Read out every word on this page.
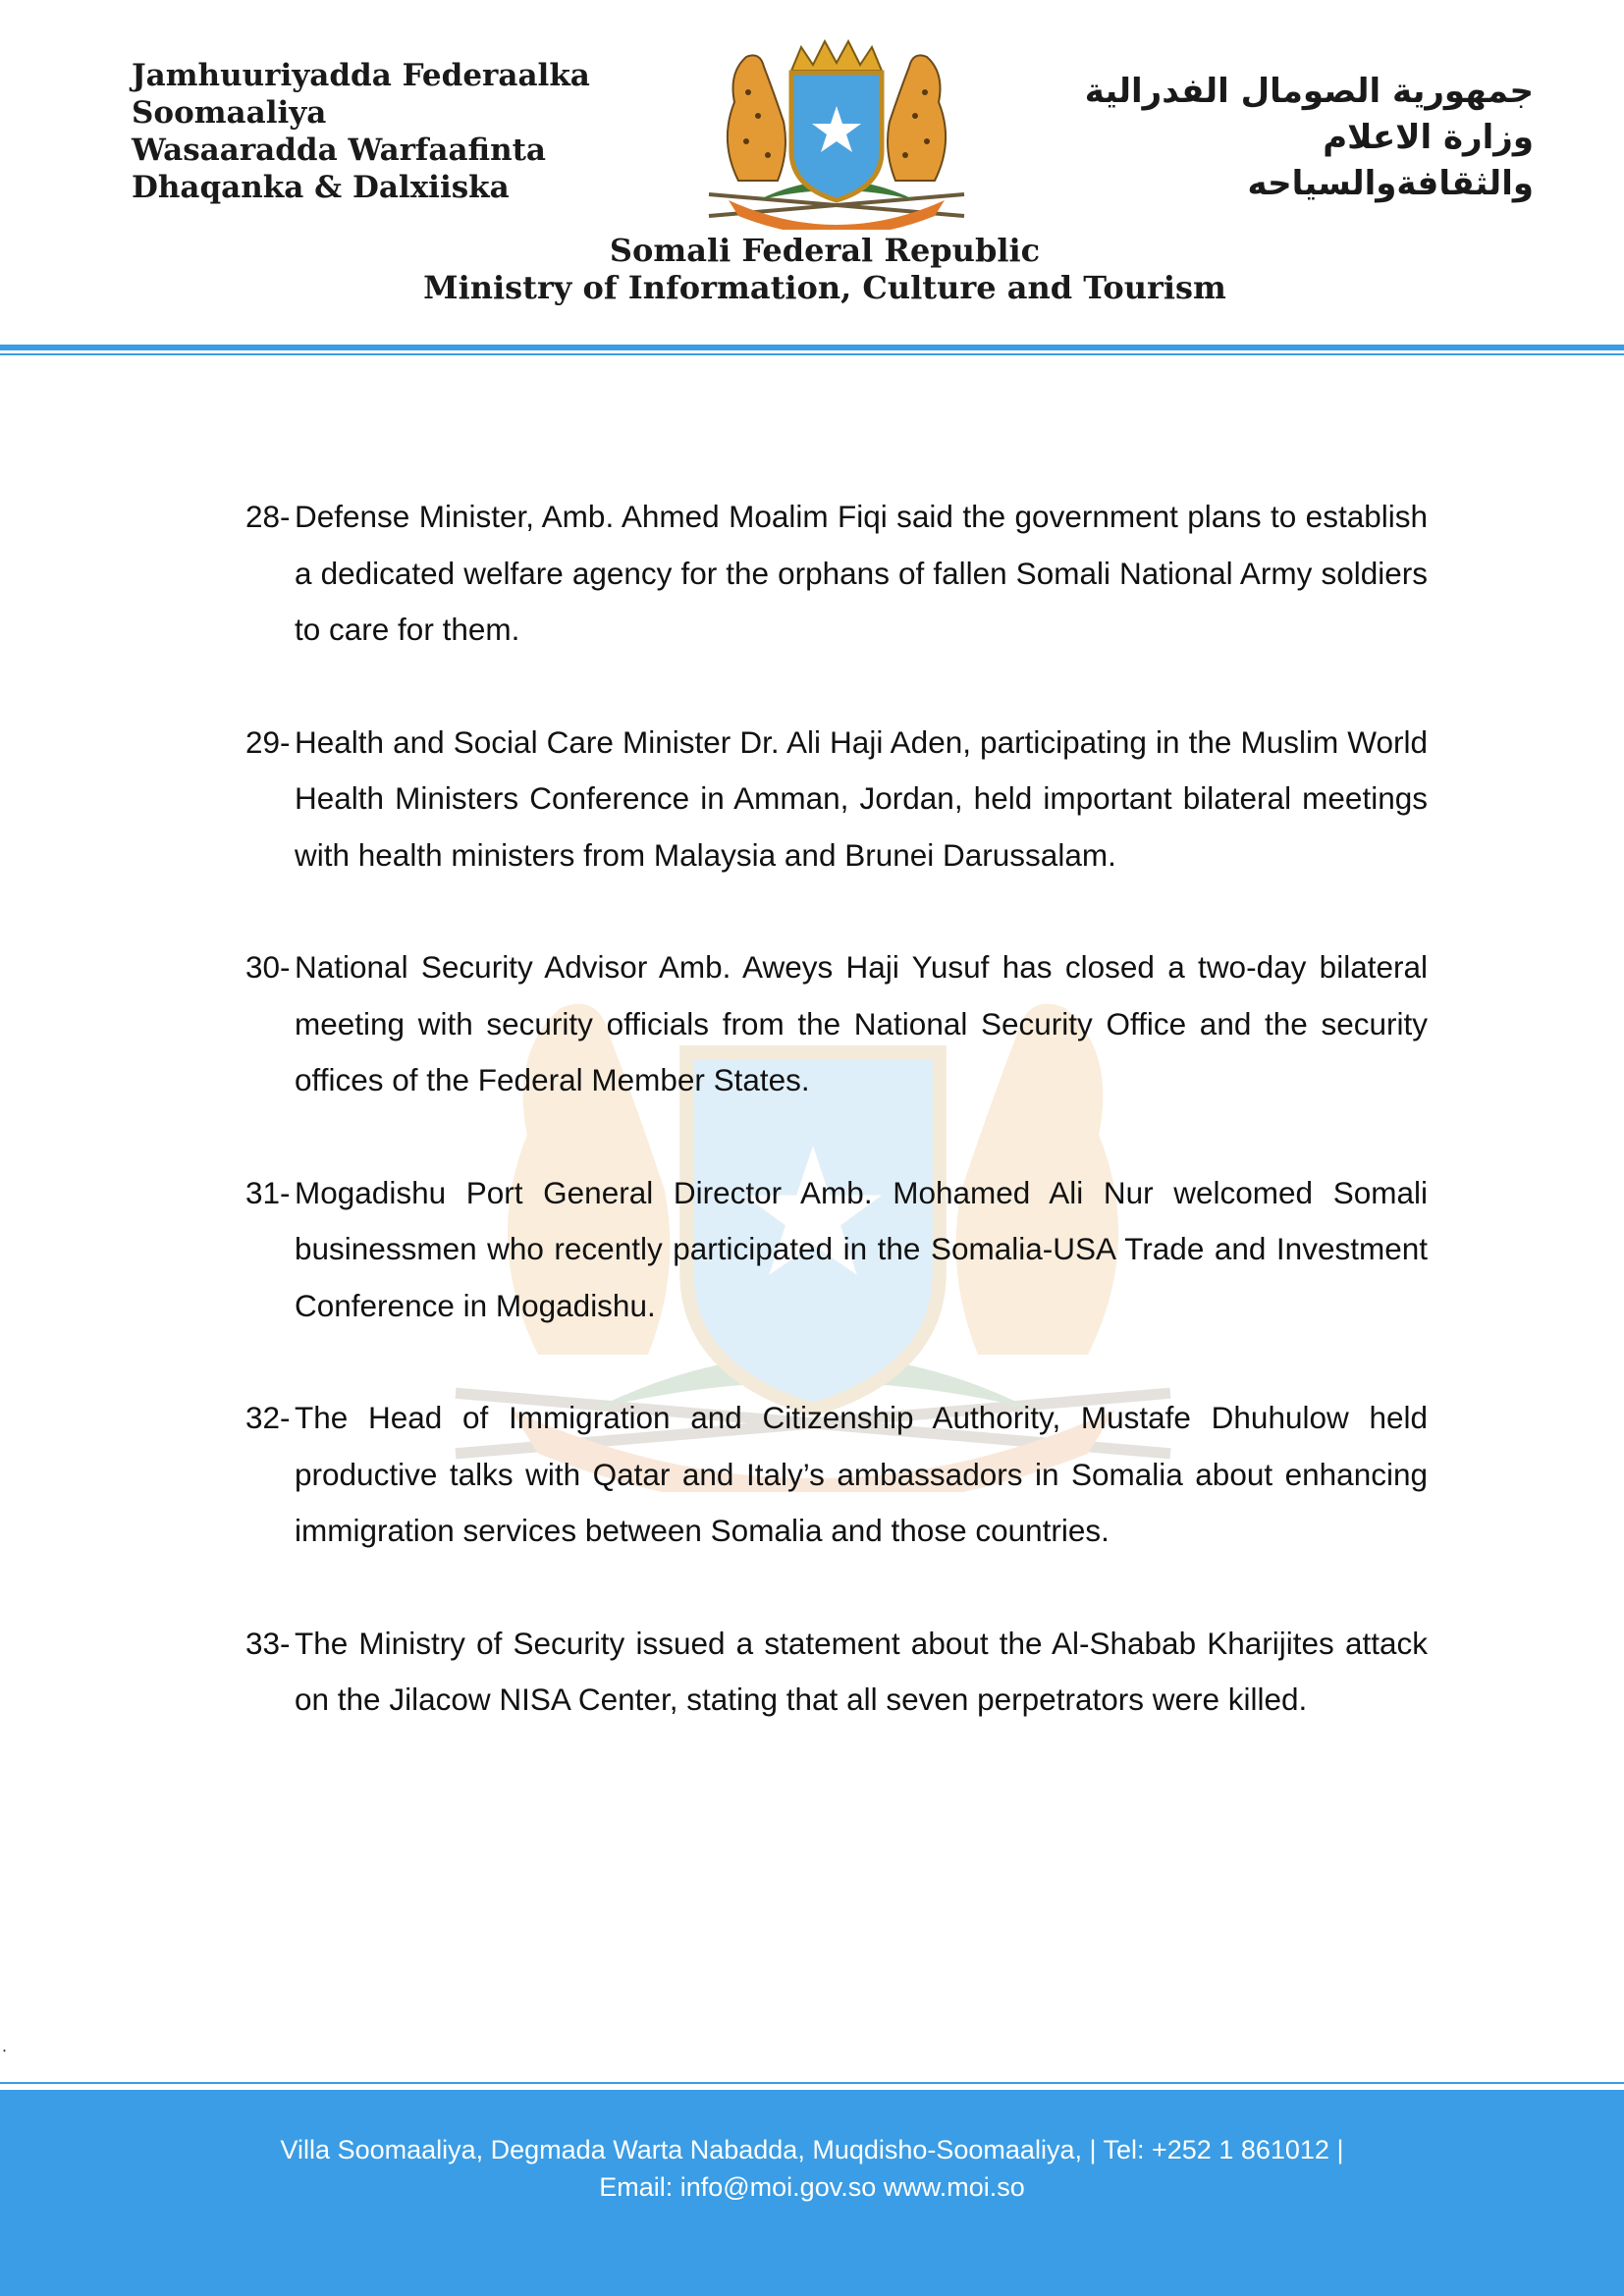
Jamhuuriyadda Federaalka
Soomaaliya
Wasaaradda Warfaafinta
Dhaqanka & Dalxiiska
جمهورية الصومال الفدرالية
وزارة الاعلام
والثقافةوالسياحه
Somali Federal Republic
Ministry of Information, Culture and Tourism
28- Defense Minister, Amb. Ahmed Moalim Fiqi said the government plans to establish a dedicated welfare agency for the orphans of fallen Somali National Army soldiers to care for them.
29- Health and Social Care Minister Dr. Ali Haji Aden, participating in the Muslim World Health Ministers Conference in Amman, Jordan, held important bilateral meetings with health ministers from Malaysia and Brunei Darussalam.
30- National Security Advisor Amb. Aweys Haji Yusuf has closed a two-day bilateral meeting with security officials from the National Security Office and the security offices of the Federal Member States.
31- Mogadishu Port General Director Amb. Mohamed Ali Nur welcomed Somali businessmen who recently participated in the Somalia-USA Trade and Investment Conference in Mogadishu.
32- The Head of Immigration and Citizenship Authority, Mustafe Dhuhulow held productive talks with Qatar and Italy’s ambassadors in Somalia about enhancing immigration services between Somalia and those countries.
33- The Ministry of Security issued a statement about the Al-Shabab Kharijites attack on the Jilacow NISA Center, stating that all seven perpetrators were killed.
.
Villa Soomaaliya, Degmada Warta Nabadda, Muqdisho-Soomaaliya, | Tel: +252 1 861012 |
Email: info@moi.gov.so www.moi.so
